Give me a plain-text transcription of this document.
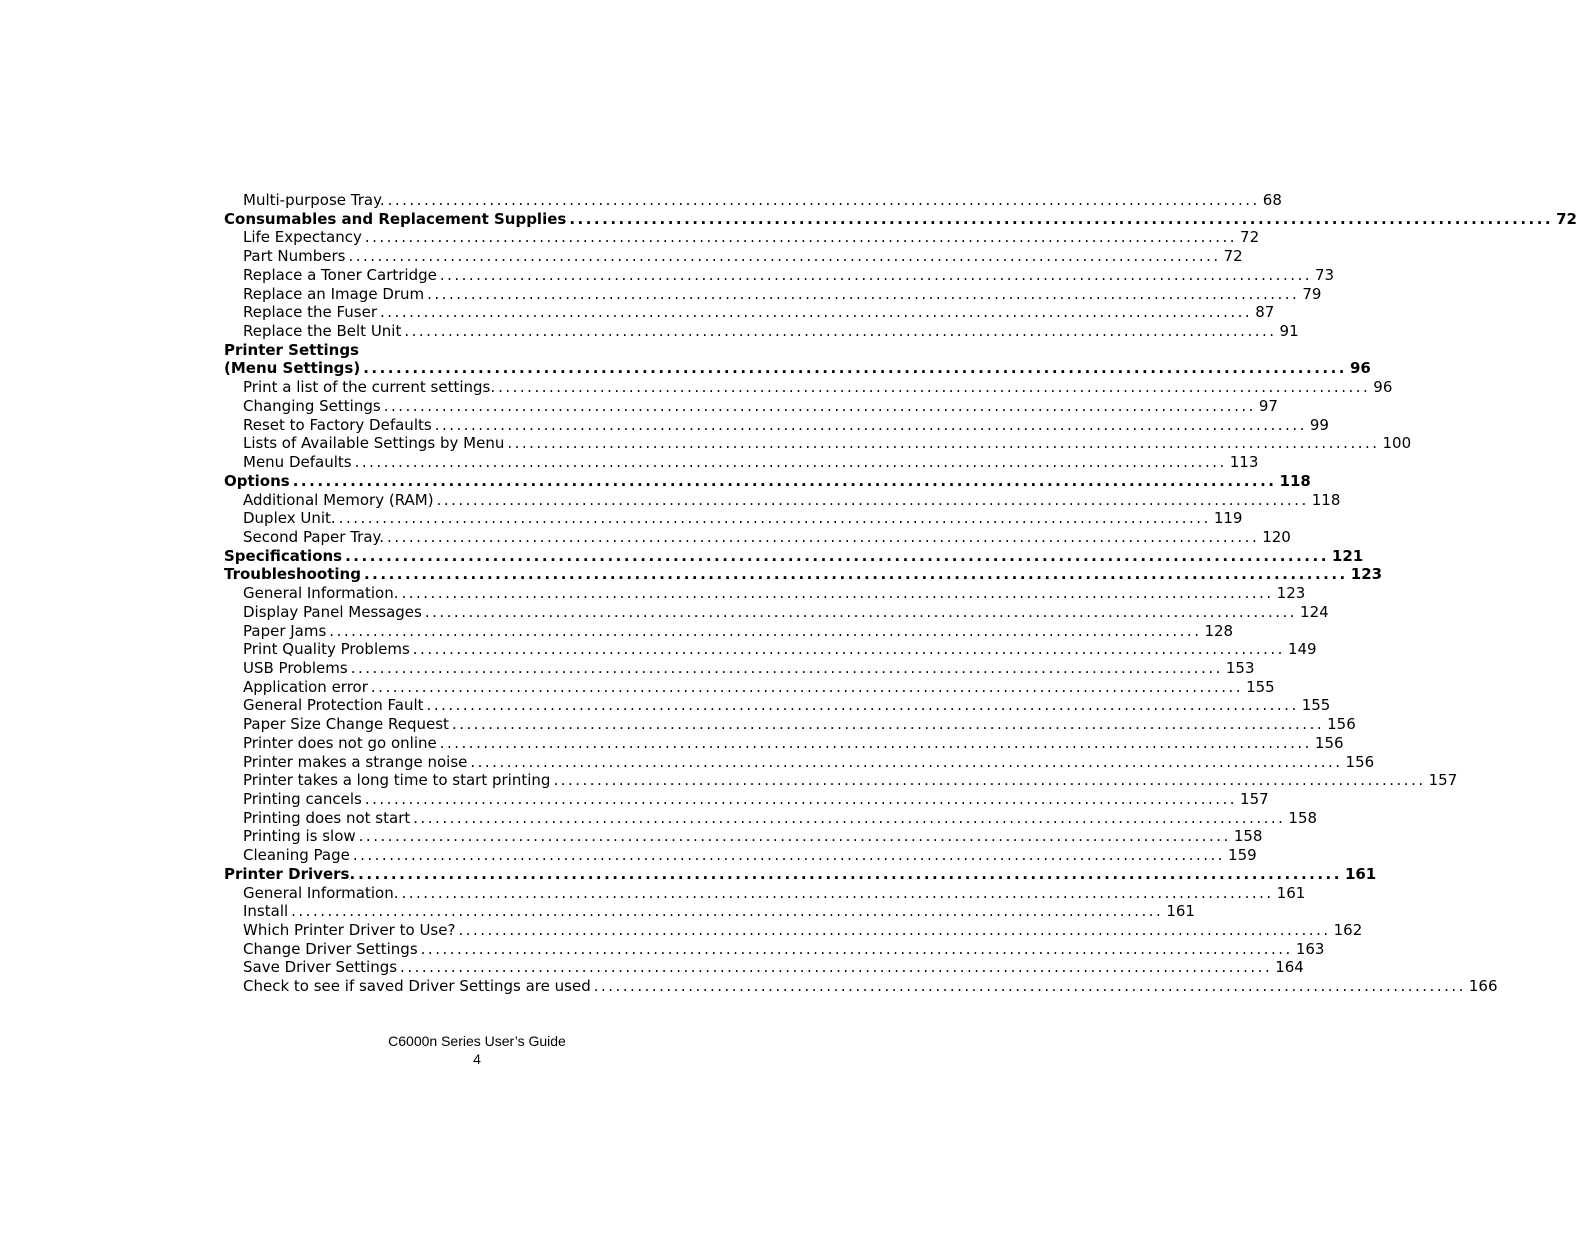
Multi-purpose Tray. ........................................................................................................................ 68
Consumables and Replacement Supplies ........................................................................................................................ 72
Life Expectancy ........................................................................................................................ 72
Part Numbers ........................................................................................................................ 72
Replace a Toner Cartridge ........................................................................................................................ 73
Replace an Image Drum ........................................................................................................................ 79
Replace the Fuser ........................................................................................................................ 87
Replace the Belt Unit ........................................................................................................................ 91
Printer Settings
(Menu Settings) ........................................................................................................................ 96
Print a list of the current settings. ........................................................................................................................ 96
Changing Settings ........................................................................................................................ 97
Reset to Factory Defaults ........................................................................................................................ 99
Lists of Available Settings by Menu ........................................................................................................................ 100
Menu Defaults ........................................................................................................................ 113
Options ........................................................................................................................ 118
Additional Memory (RAM) ........................................................................................................................ 118
Duplex Unit. ........................................................................................................................ 119
Second Paper Tray. ........................................................................................................................ 120
Specifications ........................................................................................................................ 121
Troubleshooting ........................................................................................................................ 123
General Information. ........................................................................................................................ 123
Display Panel Messages ........................................................................................................................ 124
Paper Jams ........................................................................................................................ 128
Print Quality Problems ........................................................................................................................ 149
USB Problems ........................................................................................................................ 153
Application error ........................................................................................................................ 155
General Protection Fault ........................................................................................................................ 155
Paper Size Change Request ........................................................................................................................ 156
Printer does not go online ........................................................................................................................ 156
Printer makes a strange noise ........................................................................................................................ 156
Printer takes a long time to start printing ........................................................................................................................ 157
Printing cancels ........................................................................................................................ 157
Printing does not start ........................................................................................................................ 158
Printing is slow ........................................................................................................................ 158
Cleaning Page ........................................................................................................................ 159
Printer Drivers. ........................................................................................................................ 161
General Information. ........................................................................................................................ 161
Install ........................................................................................................................ 161
Which Printer Driver to Use? ........................................................................................................................ 162
Change Driver Settings ........................................................................................................................ 163
Save Driver Settings ........................................................................................................................ 164
Check to see if saved Driver Settings are used ........................................................................................................................ 166
C6000n Series User’s Guide
4
